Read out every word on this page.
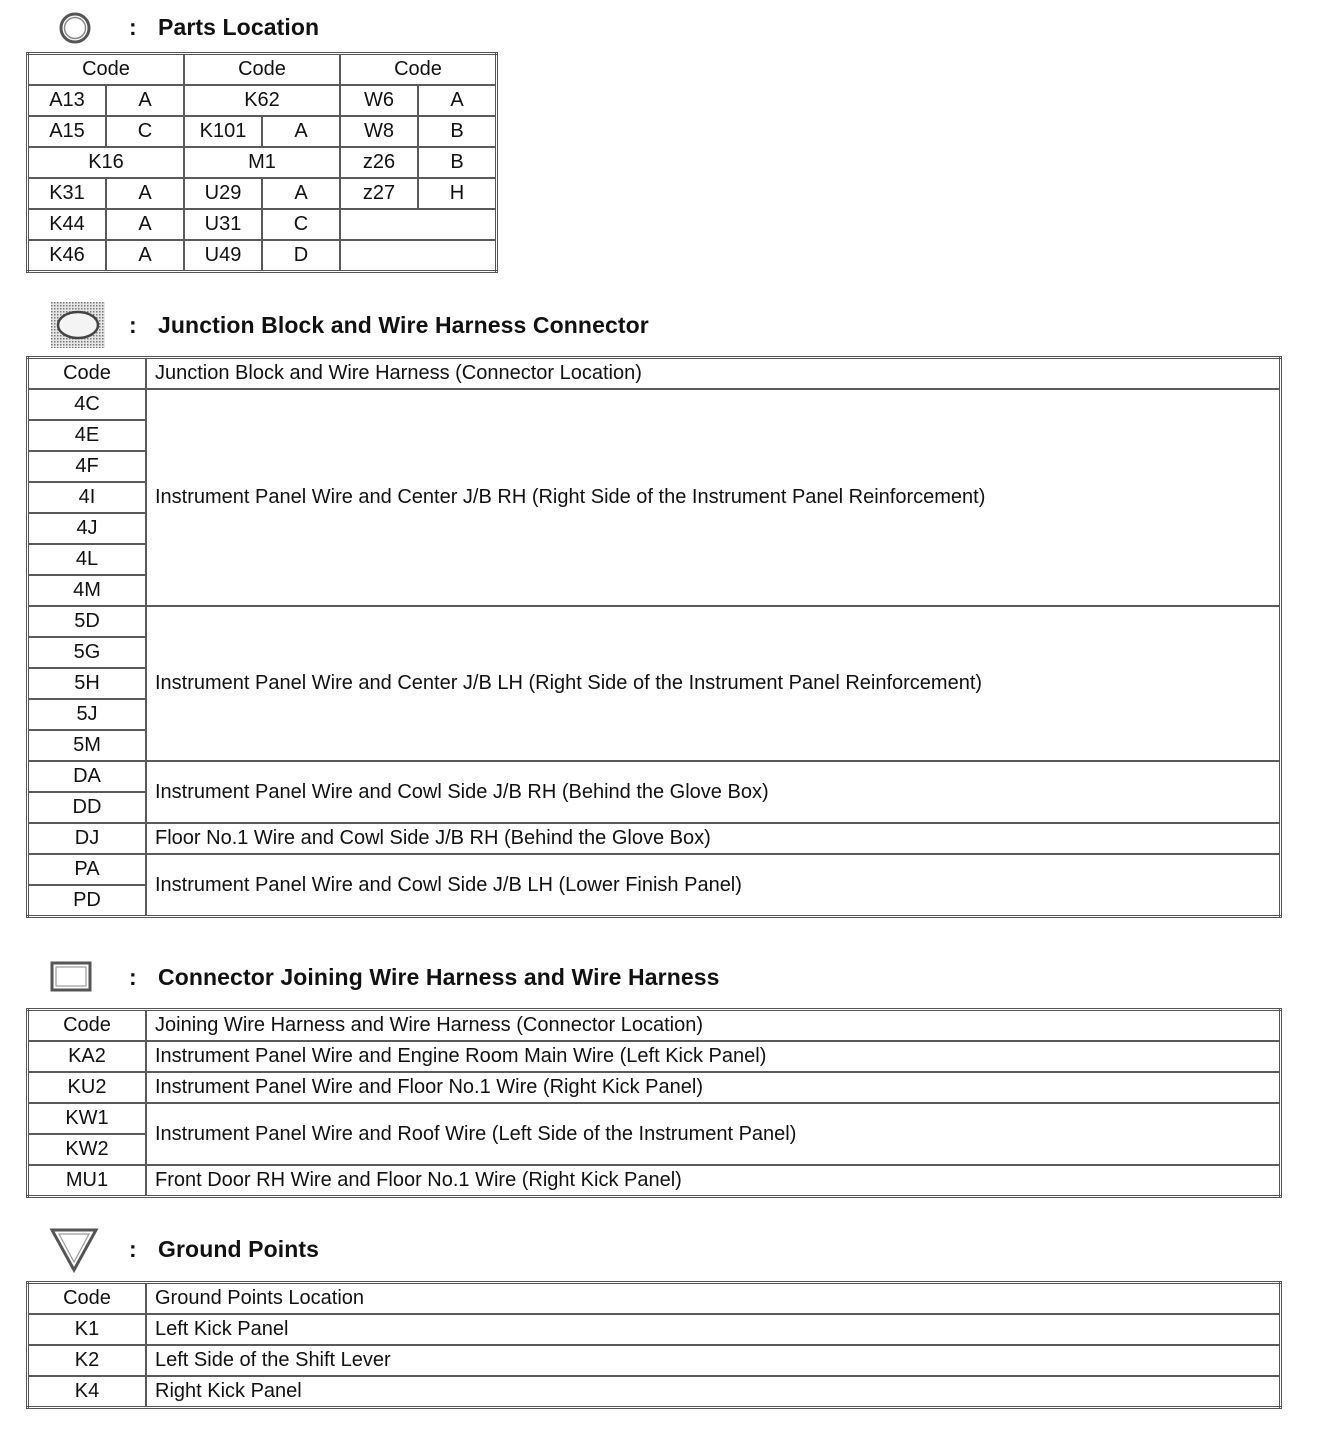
: Parts Location
Code		Code		Code	
A13	A	K62		W6	A
A15	C	K101	A	W8	B
K16		M1		z26	B
K31	A	U29	A	z27	H
K44	A	U31	C		
K46	A	U49	D		
: Junction Block and Wire Harness Connector
Code	Junction Block and Wire Harness (Connector Location)
4C	Instrument Panel Wire and Center J/B RH (Right Side of the Instrument Panel Reinforcement)
4E	
4F	
4I	
4J	
4L	
4M	
5D	Instrument Panel Wire and Center J/B LH (Right Side of the Instrument Panel Reinforcement)
5G	
5H	
5J	
5M	
DA	Instrument Panel Wire and Cowl Side J/B RH (Behind the Glove Box)
DD	
DJ	Floor No.1 Wire and Cowl Side J/B RH (Behind the Glove Box)
PA	Instrument Panel Wire and Cowl Side J/B LH (Lower Finish Panel)
PD	
: Connector Joining Wire Harness and Wire Harness
Code	Joining Wire Harness and Wire Harness (Connector Location)
KA2	Instrument Panel Wire and Engine Room Main Wire (Left Kick Panel)
KU2	Instrument Panel Wire and Floor No.1 Wire (Right Kick Panel)
KW1	Instrument Panel Wire and Roof Wire (Left Side of the Instrument Panel)
KW2	
MU1	Front Door RH Wire and Floor No.1 Wire (Right Kick Panel)
: Ground Points
Code	Ground Points Location
K1	Left Kick Panel
K2	Left Side of the Shift Lever
K4	Right Kick Panel
